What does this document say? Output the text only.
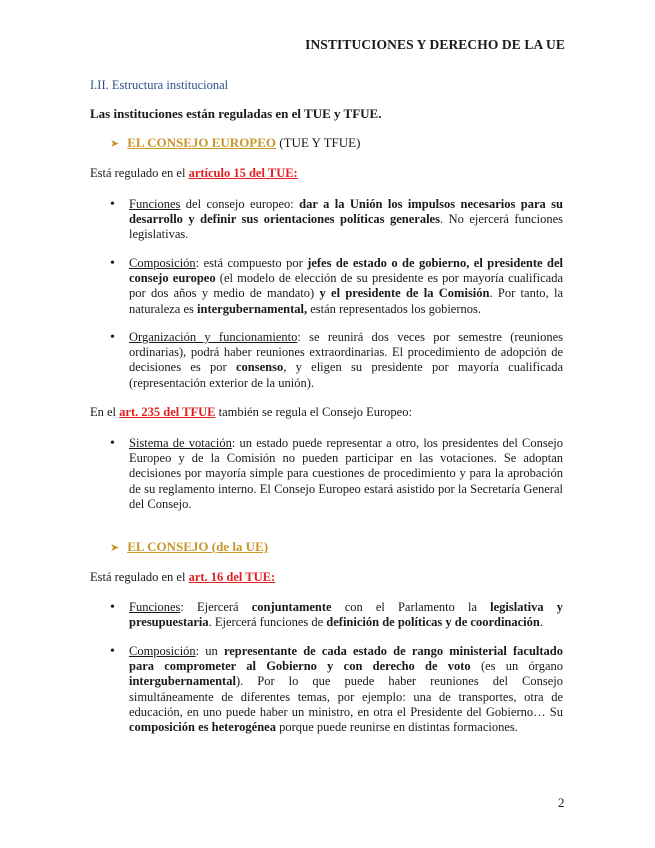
INSTITUCIONES Y DERECHO DE LA UE
I.II. Estructura institucional
Las instituciones están reguladas en el TUE y TFUE.
➤ EL CONSEJO EUROPEO (TUE Y TFUE)
Está regulado en el artículo 15 del TUE:
• Funciones del consejo europeo: dar a la Unión los impulsos necesarios para su desarrollo y definir sus orientaciones políticas generales. No ejercerá funciones legislativas.
• Composición: está compuesto por jefes de estado o de gobierno, el presidente del consejo europeo (el modelo de elección de su presidente es por mayoría cualificada por dos años y medio de mandato) y el presidente de la Comisión. Por tanto, la naturaleza es intergubernamental, están representados los gobiernos.
• Organización y funcionamiento: se reunirá dos veces por semestre (reuniones ordinarias), podrá haber reuniones extraordinarias. El procedimiento de adopción de decisiones es por consenso, y eligen su presidente por mayoría cualificada (representación exterior de la unión).
En el art. 235 del TFUE también se regula el Consejo Europeo:
• Sistema de votación: un estado puede representar a otro, los presidentes del Consejo Europeo y de la Comisión no pueden participar en las votaciones. Se adoptan decisiones por mayoría simple para cuestiones de procedimiento y para la aprobación de su reglamento interno. El Consejo Europeo estará asistido por la Secretaría General del Consejo.
➤ EL CONSEJO (de la UE)
Está regulado en el art. 16 del TUE:
• Funciones: Ejercerá conjuntamente con el Parlamento la legislativa y presupuestaria. Ejercerá funciones de definición de políticas y de coordinación.
• Composición: un representante de cada estado de rango ministerial facultado para comprometer al Gobierno y con derecho de voto (es un órgano intergubernamental). Por lo que puede haber reuniones del Consejo simultáneamente de diferentes temas, por ejemplo: una de transportes, otra de educación, en uno puede haber un ministro, en otra el Presidente del Gobierno… Su composición es heterogénea porque puede reunirse en distintas formaciones.
2
